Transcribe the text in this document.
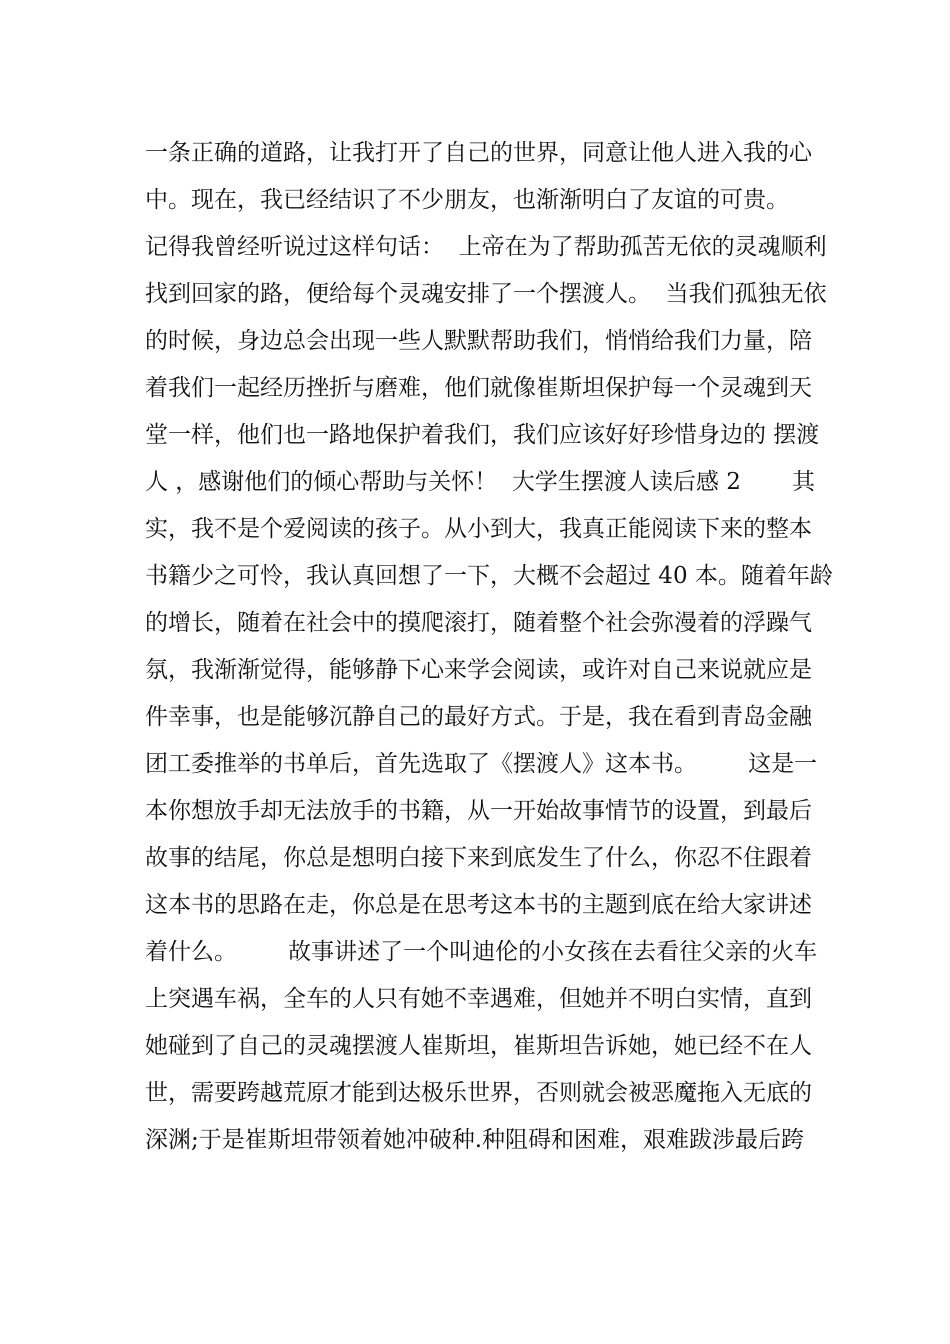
一条正确的道路，让我打开了自己的世界，同意让他人进入我的心
中。现在，我已经结识了不少朋友，也渐渐明白了友谊的可贵。
记得我曾经听说过这样句话：  上帝在为了帮助孤苦无依的灵魂顺利
找到回家的路，便给每个灵魂安排了一个摆渡人。  当我们孤独无依
的时候，身边总会出现一些人默默帮助我们，悄悄给我们力量，陪
着我们一起经历挫折与磨难，他们就像崔斯坦保护每一个灵魂到天
堂一样，他们也一路地保护着我们，我们应该好好珍惜身边的 摆渡
人 ，感谢他们的倾心帮助与关怀！  大学生摆渡人读后感 2       其
实，我不是个爱阅读的孩子。从小到大，我真正能阅读下来的整本
书籍少之可怜，我认真回想了一下，大概不会超过 40 本。随着年龄
的增长，随着在社会中的摸爬滚打，随着整个社会弥漫着的浮躁气
氛，我渐渐觉得，能够静下心来学会阅读，或许对自己来说就应是
件幸事，也是能够沉静自己的最好方式。于是，我在看到青岛金融
团工委推举的书单后，首先选取了《摆渡人》这本书。       这是一
本你想放手却无法放手的书籍，从一开始故事情节的设置，到最后
故事的结尾，你总是想明白接下来到底发生了什么，你忍不住跟着
这本书的思路在走，你总是在思考这本书的主题到底在给大家讲述
着什么。       故事讲述了一个叫迪伦的小女孩在去看往父亲的火车
上突遇车祸，全车的人只有她不幸遇难，但她并不明白实情，直到
她碰到了自己的灵魂摆渡人崔斯坦，崔斯坦告诉她，她已经不在人
世，需要跨越荒原才能到达极乐世界，否则就会被恶魔拖入无底的
深渊;于是崔斯坦带领着她冲破种.种阻碍和困难，艰难跋涉最后跨
